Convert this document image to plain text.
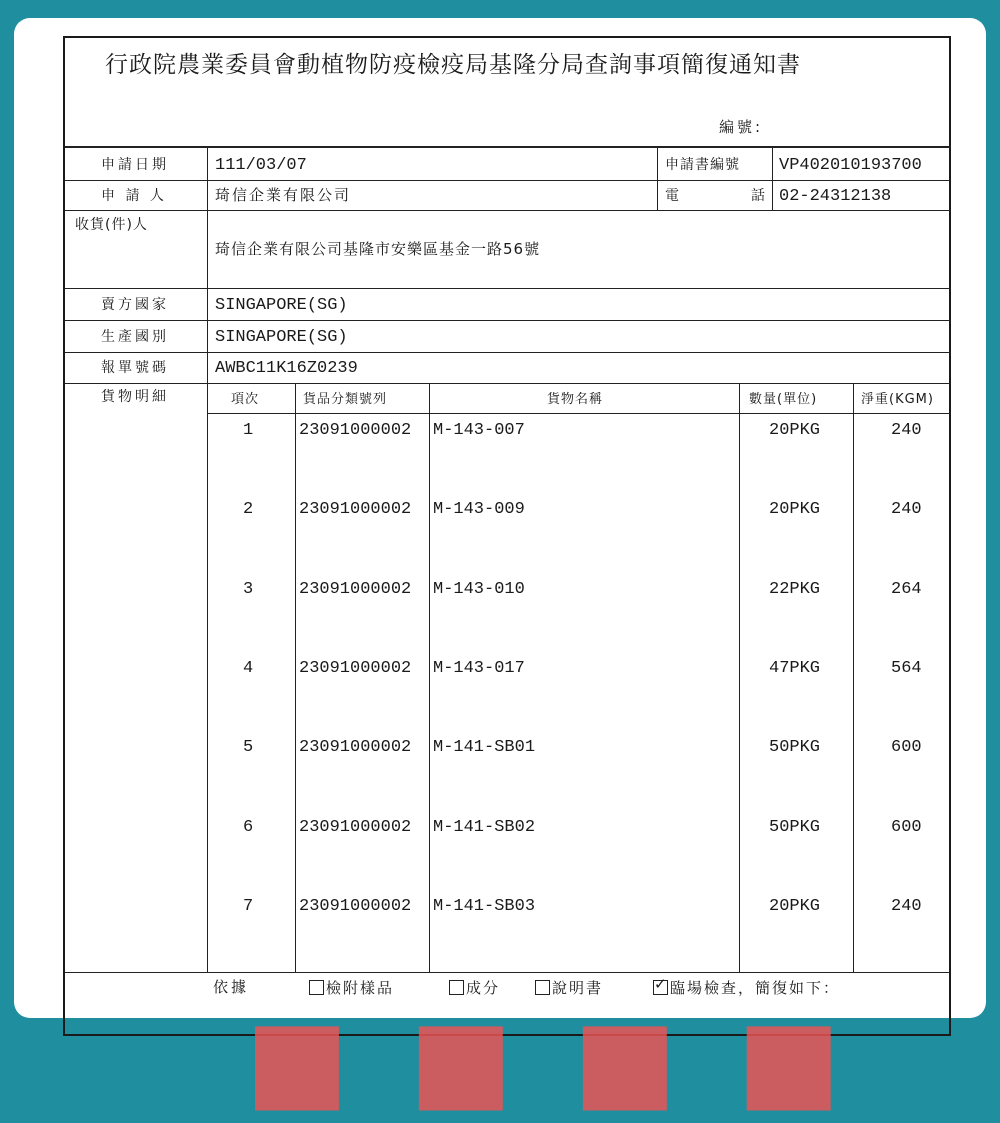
行政院農業委員會動植物防疫檢疫局基隆分局查詢事項簡復通知書
編號:
申請日期	111/03/07	申請書編號 VP402010193700
申 請 人	琦信企業有限公司	電	話 02-24312138
收貨(件)人
琦信企業有限公司基隆市安樂區基金一路56號
賣方國家	SINGAPORE(SG)
生產國別	SINGAPORE(SG)
報單號碼	AWBC11K16Z0239
貨物明細	項次	貨品分類號列	貨物名稱	數量(單位)	淨重(KGM)
1	23091000002 M-143-007	20PKG	240
2	23091000002 M-143-009	20PKG	240
3	23091000002 M-143-010	22PKG	264
4	23091000002 M-143-017	47PKG	564
5	23091000002 M-141-SB01	50PKG	600
6	23091000002 M-141-SB02	50PKG	600
7	23091000002 M-141-SB03	20PKG	240
依據	檢附樣品	成分	說明書
✓	臨場檢查，簡復如下：
■■■■
